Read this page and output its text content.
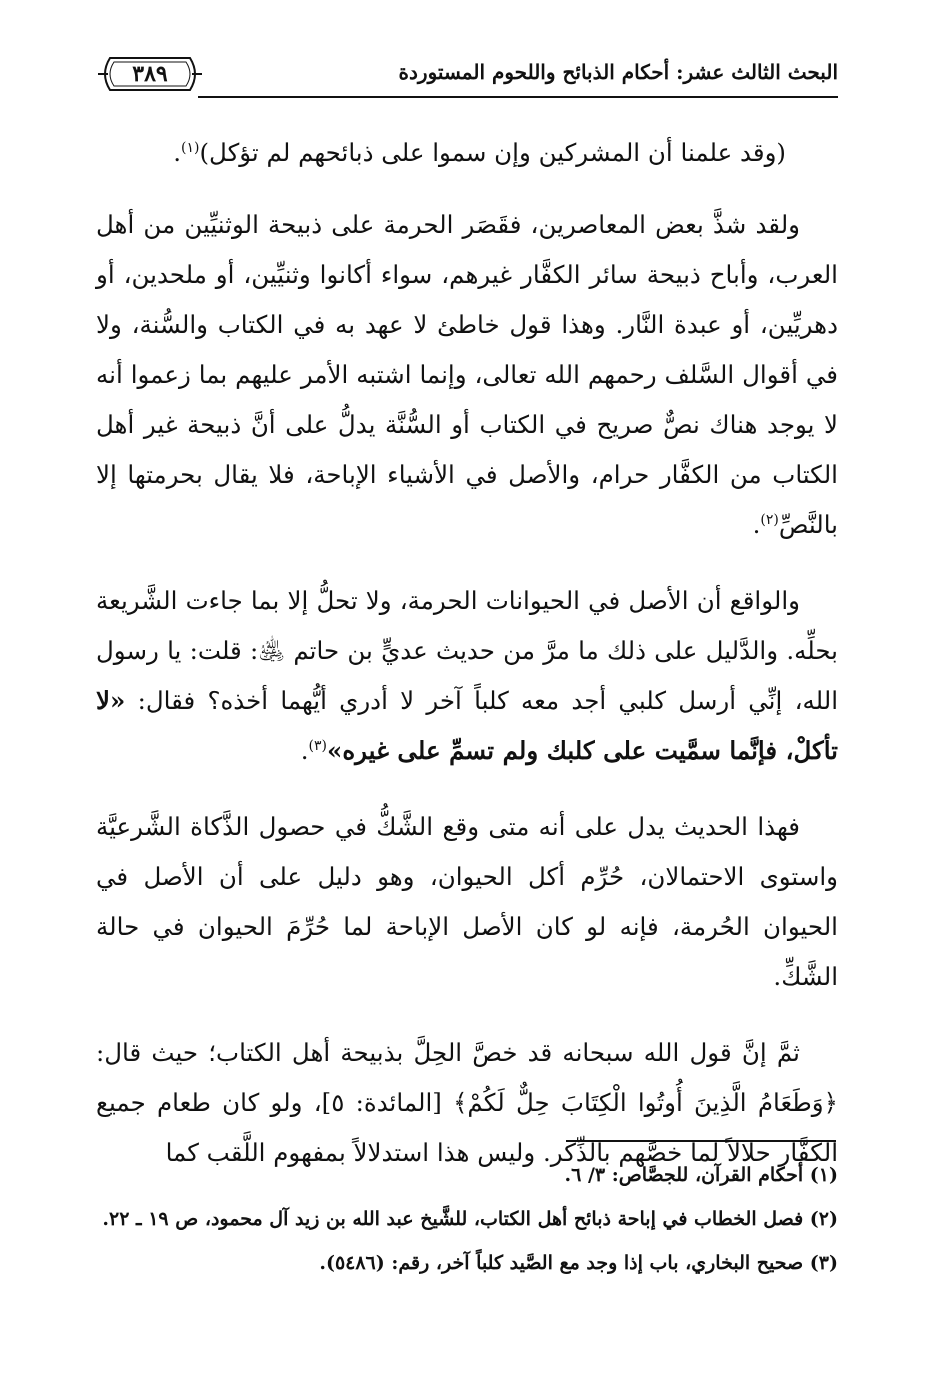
البحث الثالث عشر: أحكام الذبائح واللحوم المستوردة
٣٨٩

(وقد علمنا أن المشركين وإن سموا على ذبائحهم لم تؤكل)$^{(١)}$.

ولقد شذَّ بعض المعاصرين، فقَصَر الحرمة على ذبيحة الوثنيِّين من أهل العرب، وأباح ذبيحة سائر الكفَّار غيرهم، سواء أكانوا وثنيِّين، أو ملحدين، أو دهريِّين، أو عبدة النَّار. وهذا قول خاطئ لا عهد به في الكتاب والسُّنة، ولا في أقوال السَّلف رحمهم الله تعالى، وإنما اشتبه الأمر عليهم بما زعموا أنه لا يوجد هناك نصٌّ صريح في الكتاب أو السُّنَّة يدلُّ على أنَّ ذبيحة غير أهل الكتاب من الكفَّار حرام، والأصل في الأشياء الإباحة، فلا يقال بحرمتها إلا بالنَّصِّ$^{(٢)}$.

والواقع أن الأصل في الحيوانات الحرمة، ولا تحلُّ إلا بما جاءت الشَّريعة بحلِّه. والدَّليل على ذلك ما مرَّ من حديث عديٍّ بن حاتم ﵁: قلت: يا رسول الله، إنِّي أرسل كلبي أجد معه كلباً آخر لا أدري أيُّهما أخذه؟ فقال: «لا تأكلْ، فإنَّما سمَّيت على كلبك ولم تسمِّ على غيره»$^{(٣)}$.

فهذا الحديث يدل على أنه متى وقع الشَّكُّ في حصول الذَّكاة الشَّرعيَّة واستوى الاحتمالان، حُرِّم أكل الحيوان، وهو دليل على أن الأصل في الحيوان الحُرمة، فإنه لو كان الأصل الإباحة لما حُرِّمَ الحيوان في حالة الشَّكِّ.

ثمَّ إنَّ قول الله سبحانه قد خصَّ الحِلَّ بذبيحة أهل الكتاب؛ حيث قال: ﴿وَطَعَامُ الَّذِينَ أُوتُوا الْكِتَابَ حِلٌّ لَكُمْ﴾ [المائدة: ٥]، ولو كان طعام جميع الكفَّار حلالاً لما خصَّهم بالذِّكر. وليس هذا استدلالاً بمفهوم اللَّقب كما

(١) أحكام القرآن، للجصَّاص: ٣/ ٦.

(٢) فصل الخطاب في إباحة ذبائح أهل الكتاب، للشَّيخ عبد الله بن زيد آل محمود، ص ١٩ ـ ٢٢.

(٣) صحيح البخاري، باب إذا وجد مع الصَّيد كلباً آخر، رقم: (٥٤٨٦).
